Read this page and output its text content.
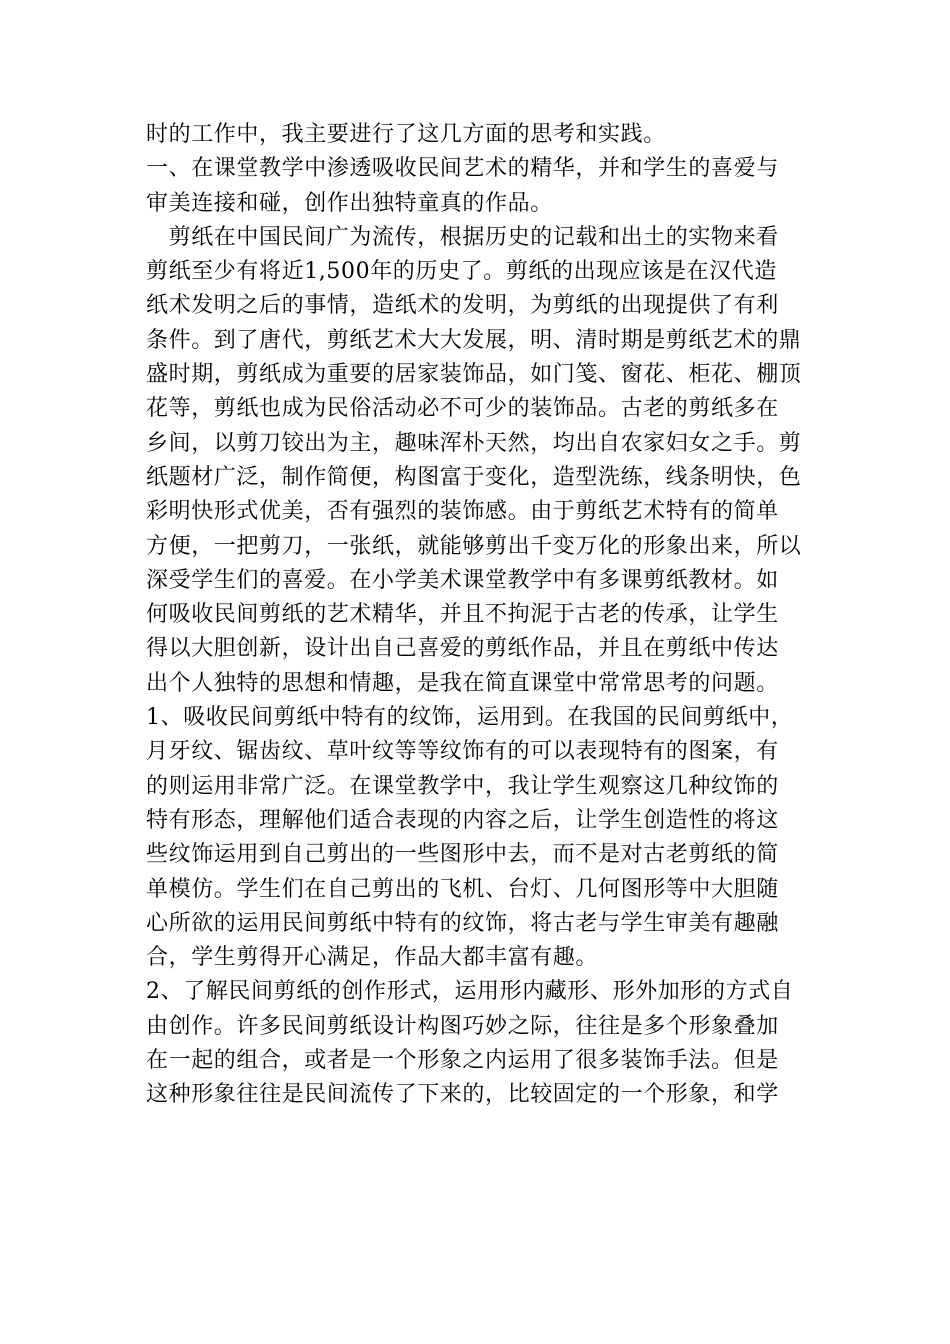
时的工作中，我主要进行了这几方面的思考和实践。
一、在课堂教学中渗透吸收民间艺术的精华，并和学生的喜爱与
审美连接和碰，创作出独特童真的作品。
　剪纸在中国民间广为流传，根据历史的记载和出土的实物来看
剪纸至少有将近1,500年的历史了。剪纸的出现应该是在汉代造
纸术发明之后的事情，造纸术的发明，为剪纸的出现提供了有利
条件。到了唐代，剪纸艺术大大发展，明、清时期是剪纸艺术的鼎
盛时期，剪纸成为重要的居家装饰品，如门笺、窗花、柜花、棚顶
花等，剪纸也成为民俗活动必不可少的装饰品。古老的剪纸多在
乡间，以剪刀铰出为主，趣味浑朴天然，均出自农家妇女之手。剪
纸题材广泛，制作简便，构图富于变化，造型洗练，线条明快，色
彩明快形式优美，否有强烈的装饰感。由于剪纸艺术特有的简单
方便，一把剪刀，一张纸，就能够剪出千变万化的形象出来，所以
深受学生们的喜爱。在小学美术课堂教学中有多课剪纸教材。如
何吸收民间剪纸的艺术精华，并且不拘泥于古老的传承，让学生
得以大胆创新，设计出自己喜爱的剪纸作品，并且在剪纸中传达
出个人独特的思想和情趣，是我在简直课堂中常常思考的问题。
1、吸收民间剪纸中特有的纹饰，运用到。在我国的民间剪纸中，
月牙纹、锯齿纹、草叶纹等等纹饰有的可以表现特有的图案，有
的则运用非常广泛。在课堂教学中，我让学生观察这几种纹饰的
特有形态，理解他们适合表现的内容之后，让学生创造性的将这
些纹饰运用到自己剪出的一些图形中去，而不是对古老剪纸的简
单模仿。学生们在自己剪出的飞机、台灯、几何图形等中大胆随
心所欲的运用民间剪纸中特有的纹饰，将古老与学生审美有趣融
合，学生剪得开心满足，作品大都丰富有趣。
2、了解民间剪纸的创作形式，运用形内藏形、形外加形的方式自
由创作。许多民间剪纸设计构图巧妙之际，往往是多个形象叠加
在一起的组合，或者是一个形象之内运用了很多装饰手法。但是
这种形象往往是民间流传了下来的，比较固定的一个形象，和学
